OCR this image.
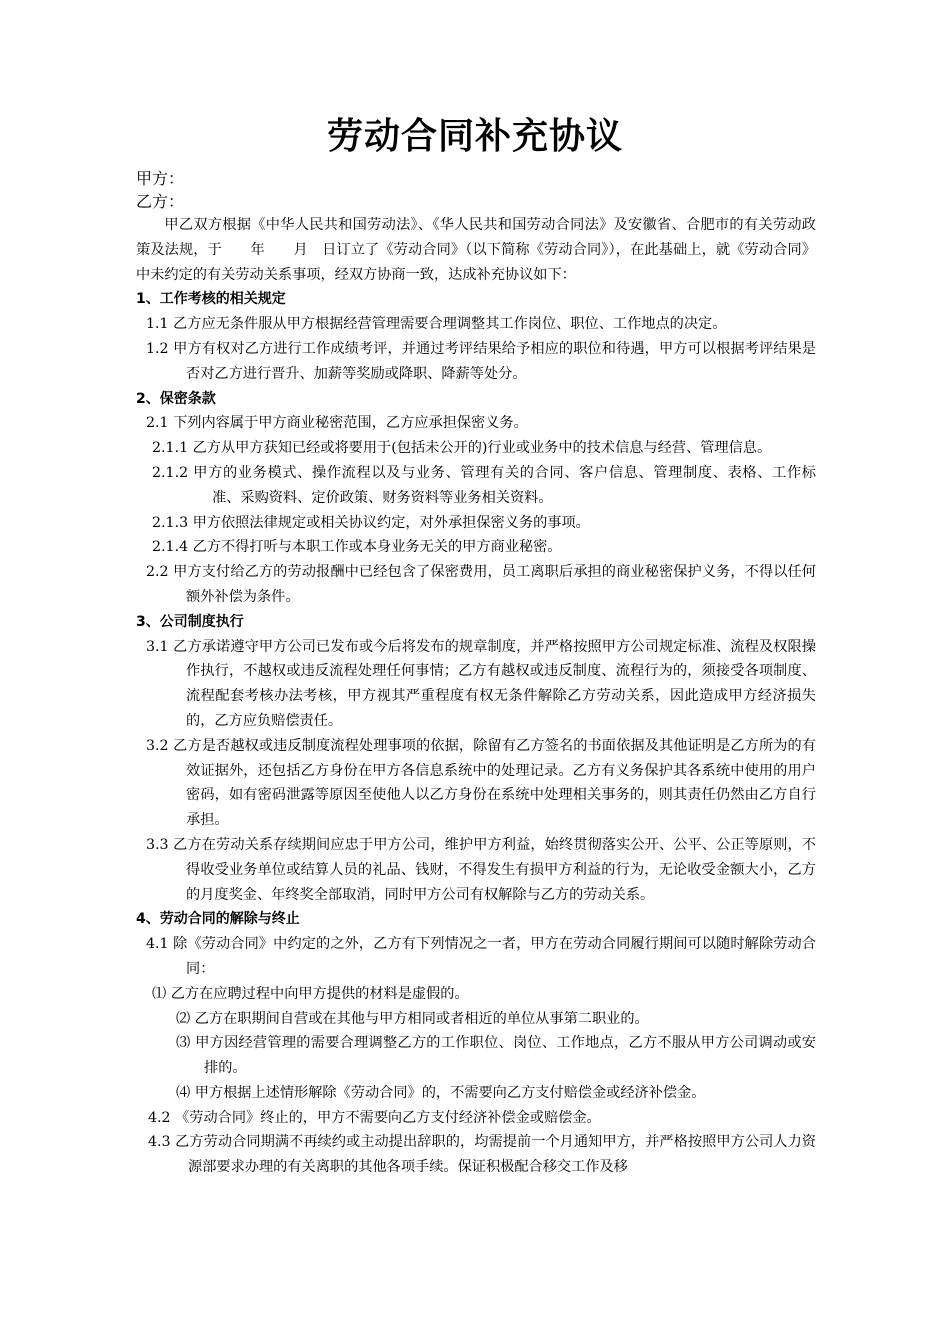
劳动合同补充协议

甲方：

乙方：

甲乙双方根据《中华人民共和国劳动法》、《华人民共和国劳动合同法》及安徽省、合肥市的有关劳动政策及法规，于　　年　　月　日订立了《劳动合同》（以下简称《劳动合同》），在此基础上，就《劳动合同》中未约定的有关劳动关系事项，经双方协商一致，达成补充协议如下：

1、工作考核的相关规定

1.1 乙方应无条件服从甲方根据经营管理需要合理调整其工作岗位、职位、工作地点的决定。

1.2 甲方有权对乙方进行工作成绩考评，并通过考评结果给予相应的职位和待遇，甲方可以根据考评结果是否对乙方进行晋升、加薪等奖励或降职、降薪等处分。

2、保密条款

2.1 下列内容属于甲方商业秘密范围，乙方应承担保密义务。

2.1.1 乙方从甲方获知已经或将要用于(包括未公开的)行业或业务中的技术信息与经营、管理信息。

2.1.2 甲方的业务模式、操作流程以及与业务、管理有关的合同、客户信息、管理制度、表格、工作标准、采购资料、定价政策、财务资料等业务相关资料。

2.1.3 甲方依照法律规定或相关协议约定，对外承担保密义务的事项。

2.1.4 乙方不得打听与本职工作或本身业务无关的甲方商业秘密。

2.2 甲方支付给乙方的劳动报酬中已经包含了保密费用，员工离职后承担的商业秘密保护义务，不得以任何额外补偿为条件。

3、公司制度执行

3.1 乙方承诺遵守甲方公司已发布或今后将发布的规章制度，并严格按照甲方公司规定标准、流程及权限操作执行，不越权或违反流程处理任何事情；乙方有越权或违反制度、流程行为的，须接受各项制度、流程配套考核办法考核，甲方视其严重程度有权无条件解除乙方劳动关系，因此造成甲方经济损失的，乙方应负赔偿责任。

3.2 乙方是否越权或违反制度流程处理事项的依据，除留有乙方签名的书面依据及其他证明是乙方所为的有效证据外，还包括乙方身份在甲方各信息系统中的处理记录。乙方有义务保护其各系统中使用的用户密码，如有密码泄露等原因至使他人以乙方身份在系统中处理相关事务的，则其责任仍然由乙方自行承担。

3.3 乙方在劳动关系存续期间应忠于甲方公司，维护甲方利益，始终贯彻落实公开、公平、公正等原则，不得收受业务单位或结算人员的礼品、钱财，不得发生有损甲方利益的行为，无论收受金额大小，乙方的月度奖金、年终奖全部取消，同时甲方公司有权解除与乙方的劳动关系。

4、劳动合同的解除与终止

4.1 除《劳动合同》中约定的之外，乙方有下列情况之一者，甲方在劳动合同履行期间可以随时解除劳动合同：

⑴ 乙方在应聘过程中向甲方提供的材料是虚假的。

⑵ 乙方在职期间自营或在其他与甲方相同或者相近的单位从事第二职业的。

⑶ 甲方因经营管理的需要合理调整乙方的工作职位、岗位、工作地点，乙方不服从甲方公司调动或安排的。

⑷ 甲方根据上述情形解除《劳动合同》的，不需要向乙方支付赔偿金或经济补偿金。

4.2 《劳动合同》终止的，甲方不需要向乙方支付经济补偿金或赔偿金。

4.3 乙方劳动合同期满不再续约或主动提出辞职的，均需提前一个月通知甲方，并严格按照甲方公司人力资源部要求办理的有关离职的其他各项手续。保证积极配合移交工作及移
